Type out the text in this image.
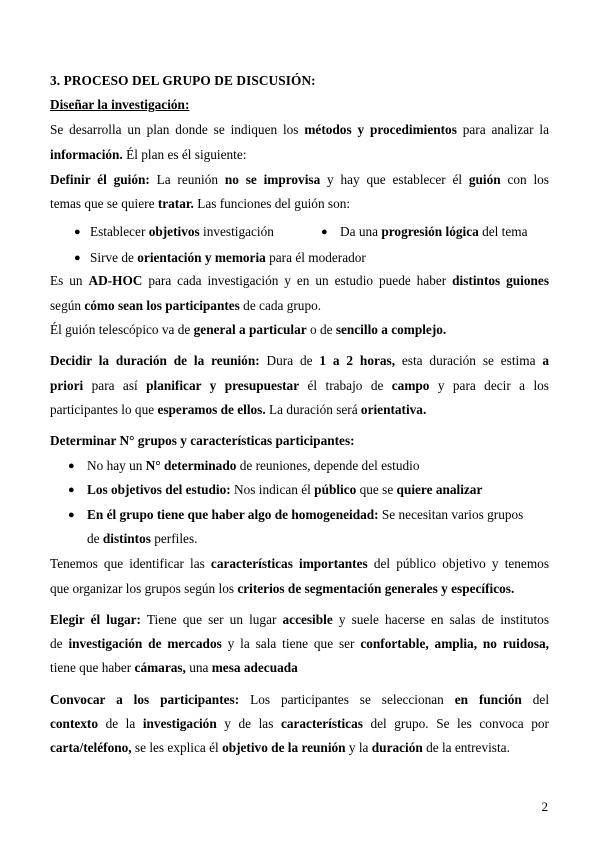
3. PROCESO DEL GRUPO DE DISCUSIÓN:
Diseñar la investigación:
Se desarrolla un plan donde se indiquen los métodos y procedimientos para analizar la
información. Él plan es él siguiente:
Definir él guión: La reunión no se improvisa y hay que establecer él guión con los
temas que se quiere tratar. Las funciones del guión son:
● Establecer objetivos investigación	● Da una progresión lógica del tema
● Sirve de orientación y memoria para él moderador
Es un AD-HOC para cada investigación y en un estudio puede haber distintos guiones
según cómo sean los participantes de cada grupo.
Él guión telescópico va de general a particular o de sencillo a complejo.
Decidir la duración de la reunión: Dura de 1 a 2 horas, esta duración se estima a
priori para así planificar y presupuestar él trabajo de campo y para decir a los
participantes lo que esperamos de ellos. La duración será orientativa.
Determinar N° grupos y características participantes:
● No hay un N° determinado de reuniones, depende del estudio
● Los objetivos del estudio: Nos indican él público que se quiere analizar
● En él grupo tiene que haber algo de homogeneidad: Se necesitan varios grupos
de distintos perfiles.
Tenemos que identificar las características importantes del público objetivo y tenemos
que organizar los grupos según los criterios de segmentación generales y específicos.
Elegir él lugar: Tiene que ser un lugar accesible y suele hacerse en salas de institutos
de investigación de mercados y la sala tiene que ser confortable, amplia, no ruidosa,
tiene que haber cámaras, una mesa adecuada
Convocar a los participantes: Los participantes se seleccionan en función del
contexto de la investigación y de las características del grupo. Se les convoca por
carta/teléfono, se les explica él objetivo de la reunión y la duración de la entrevista.
2
